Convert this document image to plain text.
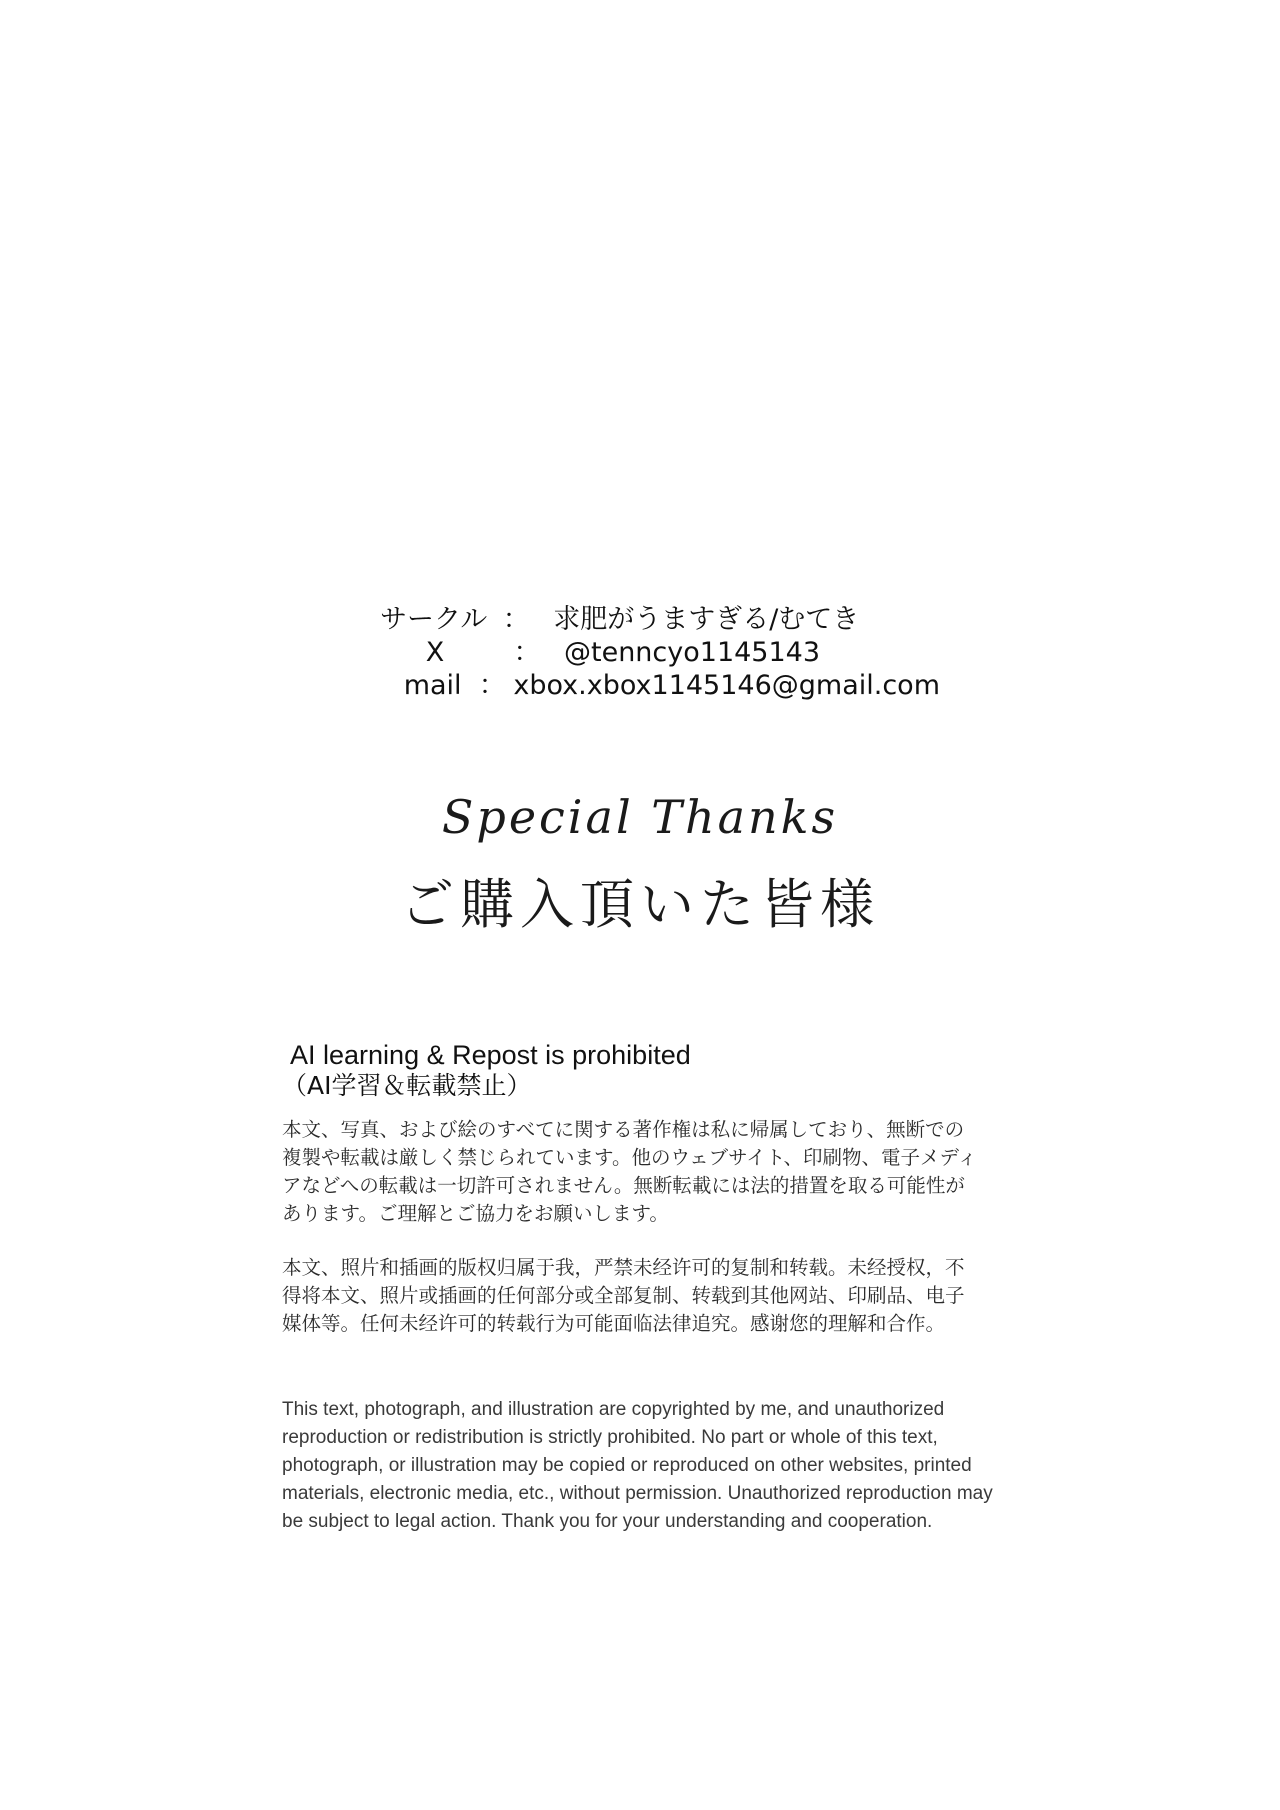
サークル ： 求肥がうますぎる/むてき
X	： @tenncyo1145143
mail ： xbox.xbox1145146@gmail.com
Special Thanks
ご購入頂いた皆様

AI learning & Repost is prohibited

（AI学習＆転載禁止）

本文、写真、および絵のすべてに関する著作権は私に帰属しており、無断での複製や転載は厳しく禁じられています。他のウェブサイト、印刷物、電子メディアなどへの転載は一切許可されません。無断転載には法的措置を取る可能性があります。ご理解とご協力をお願いします。

本文、照片和插画的版权归属于我，严禁未经许可的复制和转载。未经授权，不得将本文、照片或插画的任何部分或全部复制、转载到其他网站、印刷品、电子媒体等。任何未经许可的转载行为可能面临法律追究。感谢您的理解和合作。

This text, photograph, and illustration are copyrighted by me, and unauthorized reproduction or redistribution is strictly prohibited. No part or whole of this text, photograph, or illustration may be copied or reproduced on other websites, printed materials, electronic media, etc., without permission. Unauthorized reproduction may be subject to legal action. Thank you for your understanding and cooperation.
